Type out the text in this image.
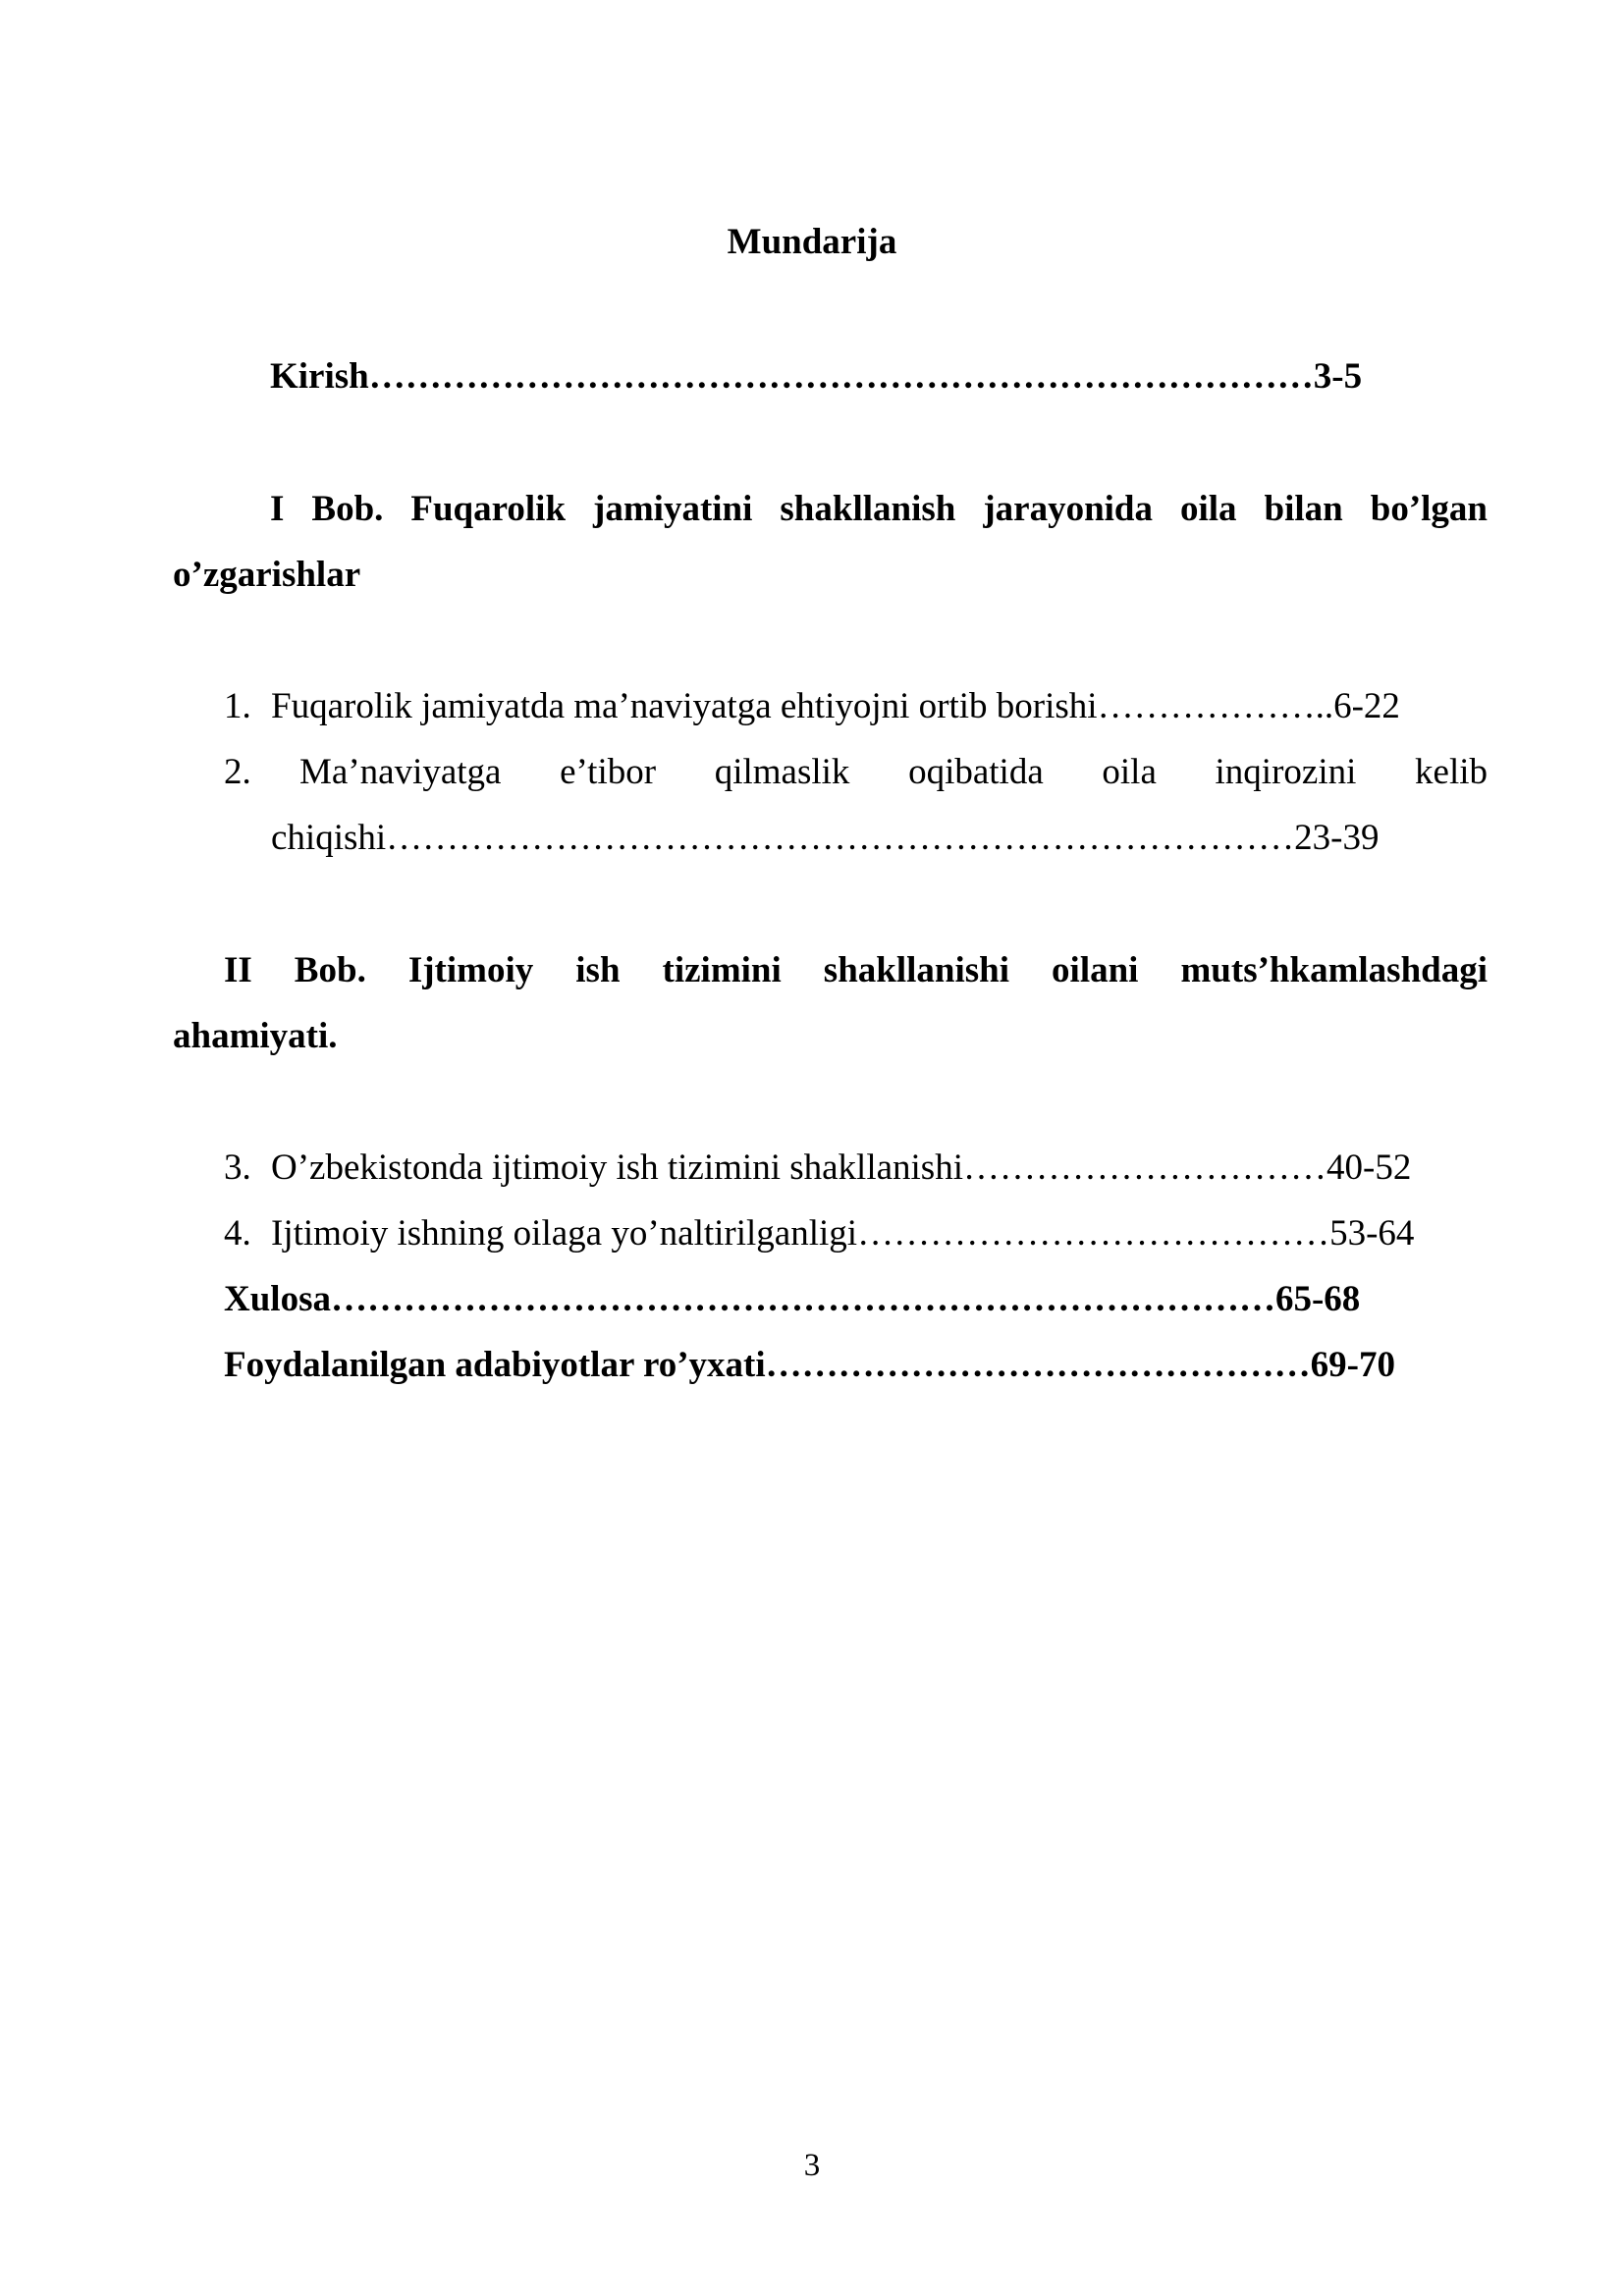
Mundarija
Kirish……………………………………………………………………3-5
I Bob. Fuqarolik jamiyatini shakllanish jarayonida oila bilan bo’lgan
o’zgarishlar
1. Fuqarolik jamiyatda ma’naviyatga ehtiyojni ortib borishi………………..6-22
2. Ma’naviyatga e’tibor qilmaslik oqibatida oila inqirozini kelib
chiqishi…………………………………………………………………23-39
II Bob. Ijtimoiy ish tizimini shakllanishi oilani muts’hkamlashdagi
ahamiyati.
3. O’zbekistonda ijtimoiy ish tizimini shakllanishi…………………………40-52
4. Ijtimoiy ishning oilaga yo’naltirilganligi…………………………………53-64
Xulosa……………………………………………………………………65-68
Foydalanilgan adabiyotlar ro’yxati………………………………………69-70
3
